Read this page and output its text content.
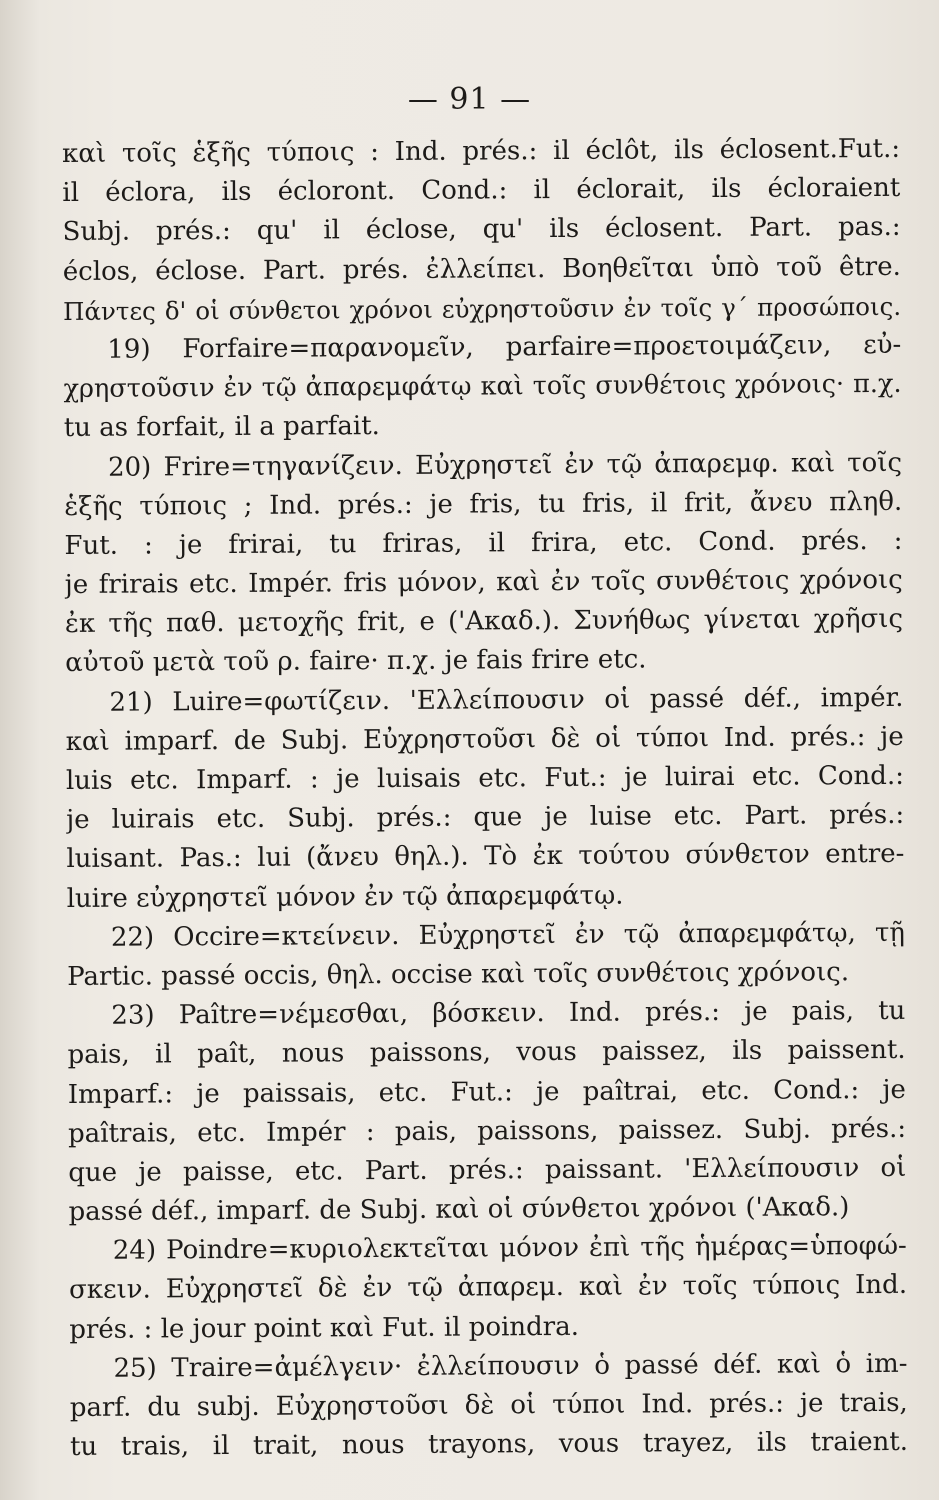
— 91 —
καὶ τοῖς ἑξῆς τύποις : Ind. prés.: il éclôt, ils éclosent.Fut.:
il éclora, ils écloront. Cond.: il éclorait, ils écloraient
Subj. prés.: qu' il éclose, qu' ils éclosent. Part. pas.:
éclos, éclose. Part. prés. ἐλλείπει. Βοηθεῖται ὑπὸ τοῦ être.
Πάντες δ' οἱ σύνθετοι χρόνοι εὐχρηστοῦσιν ἐν τοῖς γ΄ προσώποις.
19) Forfaire=παρανομεῖν, parfaire=προετοιμάζειν, εὐ-
χρηστοῦσιν ἐν τῷ ἀπαρεμφάτῳ καὶ τοῖς συνθέτοις χρόνοις· π.χ.
tu as forfait, il a parfait.
20) Frire=τηγανίζειν. Εὐχρηστεῖ ἐν τῷ ἀπαρεμφ. καὶ τοῖς
ἑξῆς τύποις ; Ind. prés.: je fris, tu fris, il frit, ἄνευ πληθ.
Fut. : je frirai, tu friras, il frira, etc. Cond. prés. :
je frirais etc. Impér. fris μόνον, καὶ ἐν τοῖς συνθέτοις χρόνοις
ἐκ τῆς παθ. μετοχῆς frit, e ('Ακαδ.). Συνήθως γίνεται χρῆσις
αὐτοῦ μετὰ τοῦ ρ. faire· π.χ. je fais frire etc.
21) Luire=φωτίζειν. 'Ελλείπουσιν οἱ passé déf., impér.
καὶ imparf. de Subj. Εὐχρηστοῦσι δὲ οἱ τύποι Ind. prés.: je
luis etc. Imparf. : je luisais etc. Fut.: je luirai etc. Cond.:
je luirais etc. Subj. prés.: que je luise etc. Part. prés.:
luisant. Pas.: lui (ἄνευ θηλ.). Τὸ ἐκ τούτου σύνθετον entre-
luire εὐχρηστεῖ μόνον ἐν τῷ ἀπαρεμφάτῳ.
22) Occire=κτείνειν. Εὐχρηστεῖ ἐν τῷ ἀπαρεμφάτῳ, τῇ
Partic. passé occis, θηλ. occise καὶ τοῖς συνθέτοις χρόνοις.
23) Paître=νέμεσθαι, βόσκειν. Ind. prés.: je pais, tu
pais, il paît, nous paissons, vous paissez, ils paissent.
Imparf.: je paissais, etc. Fut.: je paîtrai, etc. Cond.: je
paîtrais, etc. Impér : pais, paissons, paissez. Subj. prés.:
que je paisse, etc. Part. prés.: paissant. 'Ελλείπουσιν οἱ
passé déf., imparf. de Subj. καὶ οἱ σύνθετοι χρόνοι ('Ακαδ.)
24) Poindre=κυριολεκτεῖται μόνον ἐπὶ τῆς ἡμέρας=ὑποφώ-
σκειν. Εὐχρηστεῖ δὲ ἐν τῷ ἀπαρεμ. καὶ ἐν τοῖς τύποις Ind.
prés. : le jour point καὶ Fut. il poindra.
25) Traire=ἀμέλγειν· ἐλλείπουσιν ὁ passé déf. καὶ ὁ im-
parf. du subj. Εὐχρηστοῦσι δὲ οἱ τύποι Ind. prés.: je trais,
tu trais, il trait, nous trayons, vous trayez, ils traient.
